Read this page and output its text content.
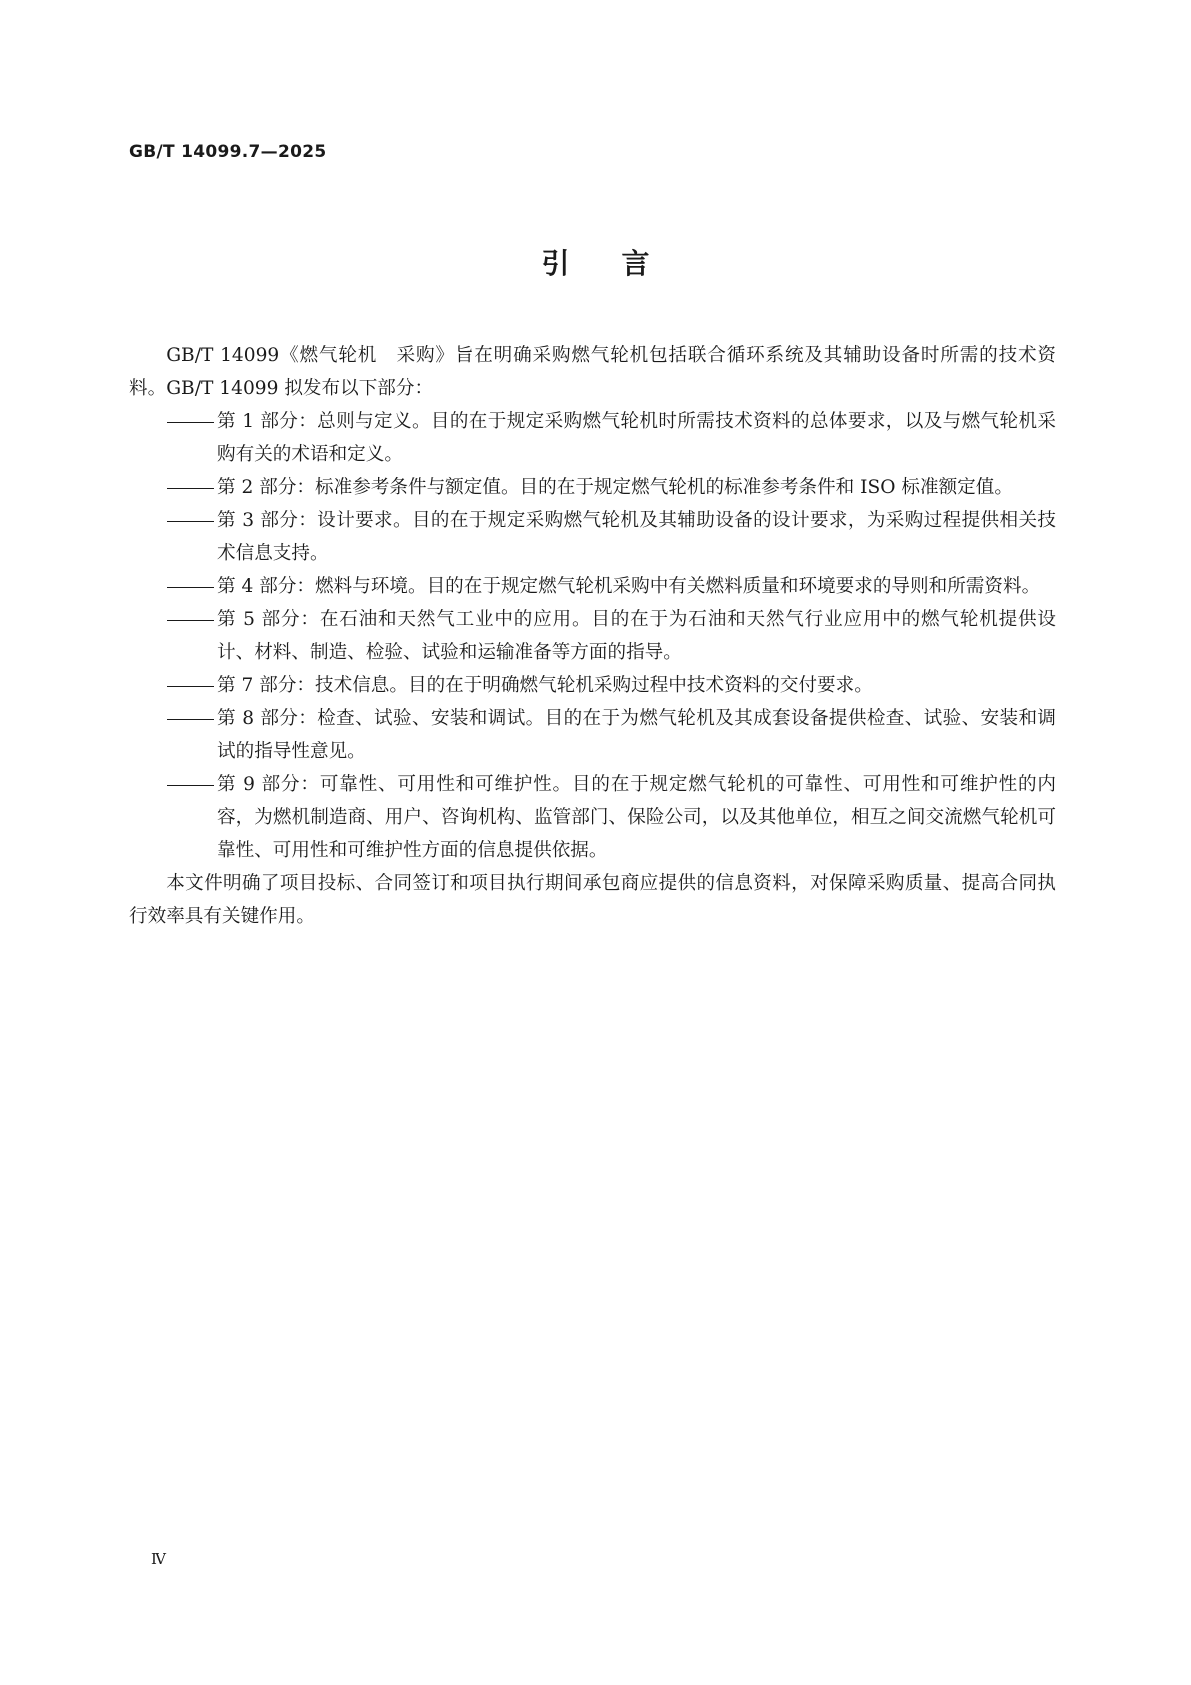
GB/T 14099.7—2025
引言

GB/T 14099《燃气轮机　采购》旨在明确采购燃气轮机包括联合循环系统及其辅助设备时所需的技术资料。GB/T 14099 拟发布以下部分：

第 1 部分：总则与定义。目的在于规定采购燃气轮机时所需技术资料的总体要求，以及与燃气轮机采购有关的术语和定义。
第 2 部分：标准参考条件与额定值。目的在于规定燃气轮机的标准参考条件和 ISO 标准额定值。
第 3 部分：设计要求。目的在于规定采购燃气轮机及其辅助设备的设计要求，为采购过程提供相关技术信息支持。
第 4 部分：燃料与环境。目的在于规定燃气轮机采购中有关燃料质量和环境要求的导则和所需资料。
第 5 部分：在石油和天然气工业中的应用。目的在于为石油和天然气行业应用中的燃气轮机提供设计、材料、制造、检验、试验和运输准备等方面的指导。
第 7 部分：技术信息。目的在于明确燃气轮机采购过程中技术资料的交付要求。
第 8 部分：检查、试验、安装和调试。目的在于为燃气轮机及其成套设备提供检查、试验、安装和调试的指导性意见。
第 9 部分：可靠性、可用性和可维护性。目的在于规定燃气轮机的可靠性、可用性和可维护性的内容，为燃机制造商、用户、咨询机构、监管部门、保险公司，以及其他单位，相互之间交流燃气轮机可靠性、可用性和可维护性方面的信息提供依据。

本文件明确了项目投标、合同签订和项目执行期间承包商应提供的信息资料，对保障采购质量、提高合同执行效率具有关键作用。

Ⅳ
